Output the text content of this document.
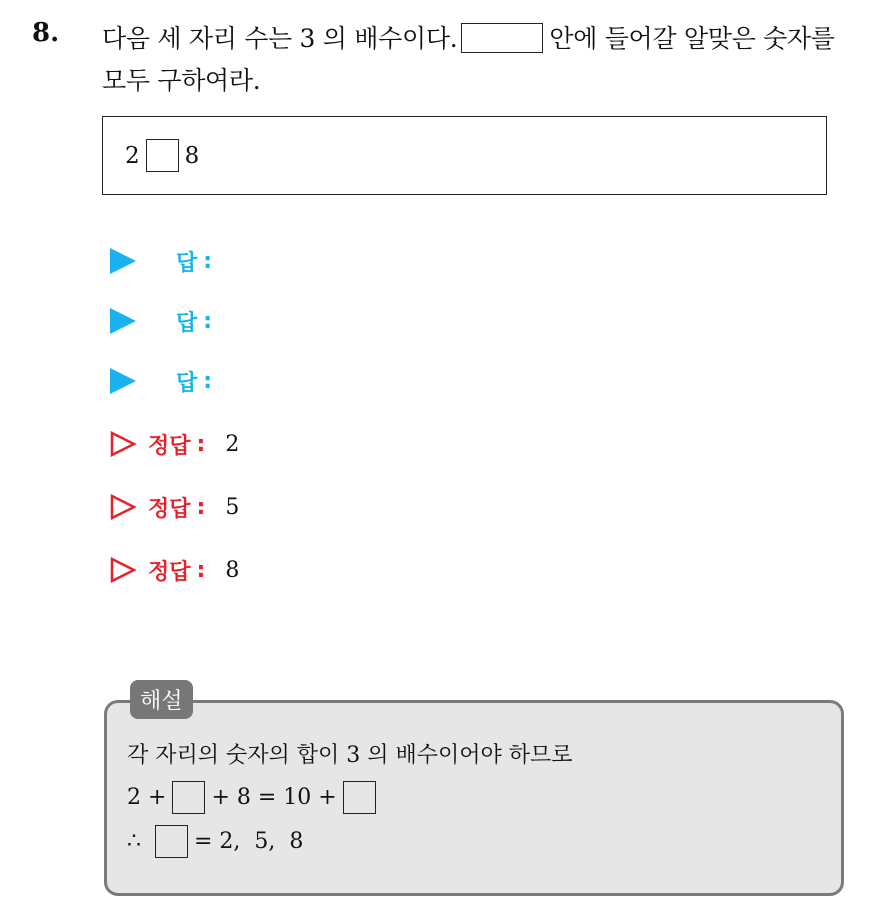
8. 다음 세 자리 수는 3 의 배수이다.	안에 들어갈 알맞은 숫자를
모두 구하여라.
2 8
답 :
답 :
답 :
정답 : 2
정답 : 5
정답 : 8
해설
각 자리의 숫자의 합이 3 의 배수이어야 하므로
2 + + 8 = 10 +
∴ = 2,  5,  8
